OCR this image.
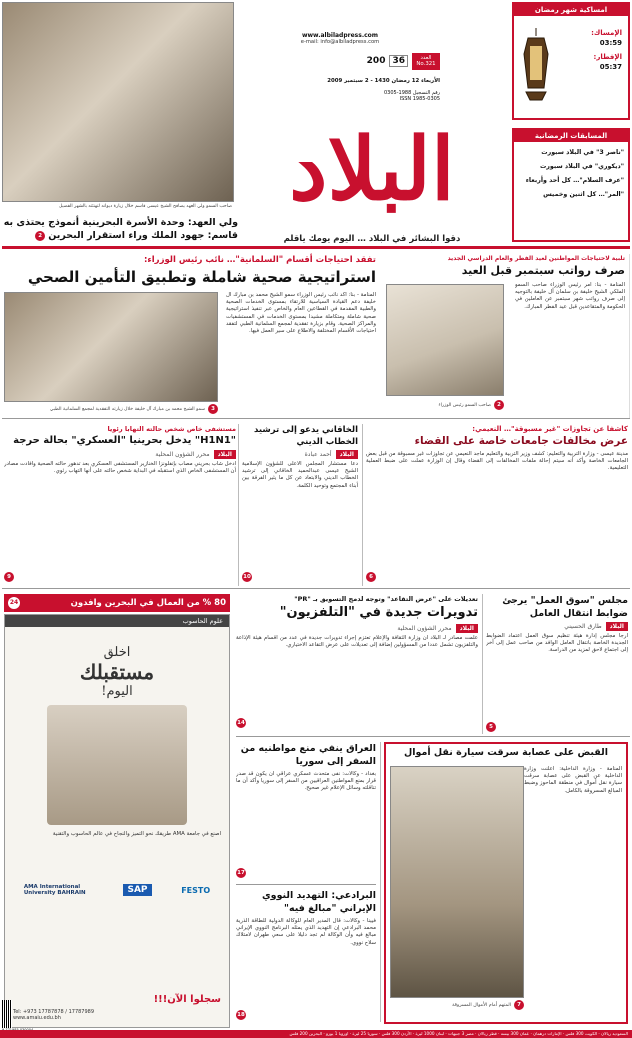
صاحب السمو ولي العهد يصافح الشيخ عيسى قاسم خلال زيارة ديوانه لتهنئته بالشهر الفضيل
www.albiladpress.com
e-mail: info@albiladpress.com
العدد
No.321
36
200
الأربعاء 12 رمضان 1430 - 2 سبتمبر 2009
رقم التسجيل 1988-0305
ISSN 1985-0305
امساكية شهر رمضان
الإمساك:
03:59
الإفطار:
05:37
البلاد
دقوا البشائر في البلاد … اليوم يومك ياقلم
المسابقات الرمضانية
"ناصر 3" في البلاد سبورت
"ديكوري" في البلاد سبورت
"عرف السلام"… كل أحد وأربعاء
"المر"… كل اثنين وخميس
ولي العهد: وحدة الأسرة البحرينية أنموذج يحتذى به
قاسم: جهود الملك وراء استقرار البحرين
2
تفقد احتياجات أقسام "السلمانية"… نائب رئيس الوزراء:
استراتيجية صحية شاملة وتطبيق التأمين الصحي
المنامة - بنا: أكد نائب رئيس الوزراء سمو الشيخ محمد بن مبارك آل خليفة دعم القيادة السياسية للارتقاء بمستوى الخدمات الصحية والطبية المقدمة في القطاعين العام والخاص عبر تنفيذ استراتيجية صحية شاملة ومتكاملة مشيدا بمستوى الخدمات في المستشفيات والمراكز الصحية. وقام بزيارة تفقدية لمجمع السلمانية الطبي لتفقد احتياجات الأقسام المختلفة والاطلاع على سير العمل فيها.
3
سمو الشيخ محمد بن مبارك آل خليفة خلال زيارته التفقدية لمجمع السلمانية الطبي
تلبية لاحتياجات المواطنين لعيد الفطر والعام الدراسي الجديد
صرف رواتب سبتمبر قبل العيد
المنامة - بنا: أمر رئيس الوزراء صاحب السمو الملكي الشيخ خليفة بن سلمان آل خليفة بالتوجيه إلى صرف رواتب شهر سبتمبر عن العاملين في الحكومة والمتقاعدين قبل عيد الفطر المبارك.
2
صاحب السمو رئيس الوزراء
مستشفى خاص شخص حالته التهابا رئويا
"H1N1" يدخل بحرينيا "العسكري" بحالة حرجة
البلاد
محرر الشؤون المحلية
أدخل شاب بحريني مصاب بإنفلونزا الخنازير المستشفى العسكري بعد تدهور حالته الصحية وأفادت مصادر أن المستشفى الخاص الذي استقبله في البداية شخص حالته على أنها التهاب رئوي.
9
الخاقاني يدعو إلى ترشيد الخطاب الديني
البلاد
أحمد عبادة
دعا مستشار المجلس الأعلى للشؤون الإسلامية الشيخ عيسى عبدالحميد الخاقاني إلى ترشيد الخطاب الديني والابتعاد عن كل ما يثير الفرقة بين أبناء المجتمع وتوحيد الكلمة.
10
كاشفا عن تجاوزات "غير مسبوقة"… النعيمي:
عرض مخالفات جامعات خاصة على القضاء
مدينة عيسى - وزارة التربية والتعليم: كشف وزير التربية والتعليم ماجد النعيمي عن تجاوزات غير مسبوقة من قبل بعض الجامعات الخاصة وأكد أنه سيتم إحالة ملفات المخالفات إلى القضاء وقال إن الوزارة عملت على ضبط العملية التعليمية.
6
80 % من العمال في البحرين وافدون
24
علوم الحاسوب
اخلق
مستقبلك
اليوم!
اصنع في جامعة AMA طريقك نحو التميز والنجاح في عالم الحاسوب والتقنية
AMA International University BAHRAIN	SAP	FESTO
سجلوا الآن!!!
Tel: +973 17787878 / 17787989
www.amaiu.edu.bh
تعديلات على "عرض التقاعد" وتوجه لدمج التسويق بـ "PR"
تدويرات جديدة في "التلفزيون"
البلاد
محرر الشؤون المحلية
علمت مصادر لـ البلاد أن وزارة الثقافة والإعلام تعتزم إجراء تدويرات جديدة في عدد من أقسام هيئة الإذاعة والتلفزيون تشمل عددا من المسؤولين إضافة إلى تعديلات على عرض التقاعد الاختياري.
14
مجلس "سوق العمل" يرجئ ضوابط انتقال العامل
البلاد
طارق الحسيني
أرجأ مجلس إدارة هيئة تنظيم سوق العمل اعتماد الضوابط الجديدة الخاصة بانتقال العامل الوافد من صاحب عمل إلى آخر إلى اجتماع لاحق لمزيد من الدراسة.
5
العراق ينفي منع مواطنيه من السفر إلى سوريا
بغداد - وكالات: نفى متحدث عسكري عراقي أن يكون قد صدر قرار بمنع المواطنين العراقيين من السفر إلى سوريا وأكد أن ما تناقلته وسائل الإعلام غير صحيح.
17
البرادعي: التهديد النووي الإيراني "مبالغ فيه"
فيينا - وكالات: قال المدير العام للوكالة الدولية للطاقة الذرية محمد البرادعي إن التهديد الذي يمثله البرنامج النووي الإيراني مبالغ فيه وأن الوكالة لم تجد دليلا على سعي طهران لامتلاك سلاح نووي.
18
القبض على عصابة سرقت سيارة نقل أموال
المنامة - وزارة الداخلية: أعلنت وزارة الداخلية عن القبض على عصابة سرقت سيارة نقل أموال في منطقة الماحوز وضبط المبالغ المسروقة بالكامل.
7
المتهم أمام الأموال المسروقة
السعودية ريالان · الكويت 300 فلس · الإمارات درهمان · عمان 300 بيسة · قطر ريالان · مصر 3 جنيهات · لبنان 1000 ليرة · الأردن 300 فلس · سوريا 25 ليرة · اوروبا 1 يورو · البحرين 200 فلس
